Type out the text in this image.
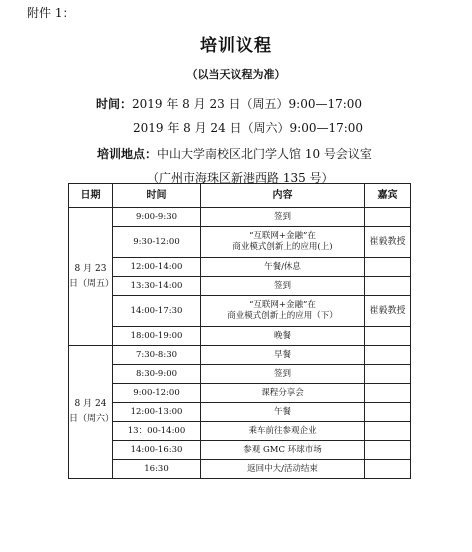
附件 1：
培训议程
（以当天议程为准）
时间：2019 年 8 月 23 日（周五）9:00—17:00
2019 年 8 月 24 日（周六）9:00—17:00
培训地点：中山大学南校区北门学人馆 10 号会议室
（广州市海珠区新港西路 135 号）
日期	时间	内容	嘉宾
8 月 23 日（周五）	9:00-9:30	签到	
	9:30-12:00	“互联网+金融”在
商业模式创新上的应用(上)	崔毅教授
	12:00-14:00	午餐/休息	
	13:30-14:00	签到	
	14:00-17:30	“互联网+金融”在
商业模式创新上的应用（下）	崔毅教授
	18:00-19:00	晚餐	
8 月 24 日（周六）	7:30-8:30	早餐	
	8:30-9:00	签到	
	9:00-12:00	课程分享会	
	12:00-13:00	午餐	
	13：00-14:00	乘车前往参观企业	
	14:00-16:30	参观 GMC 环球市场	
	16:30	返回中大/活动结束	
